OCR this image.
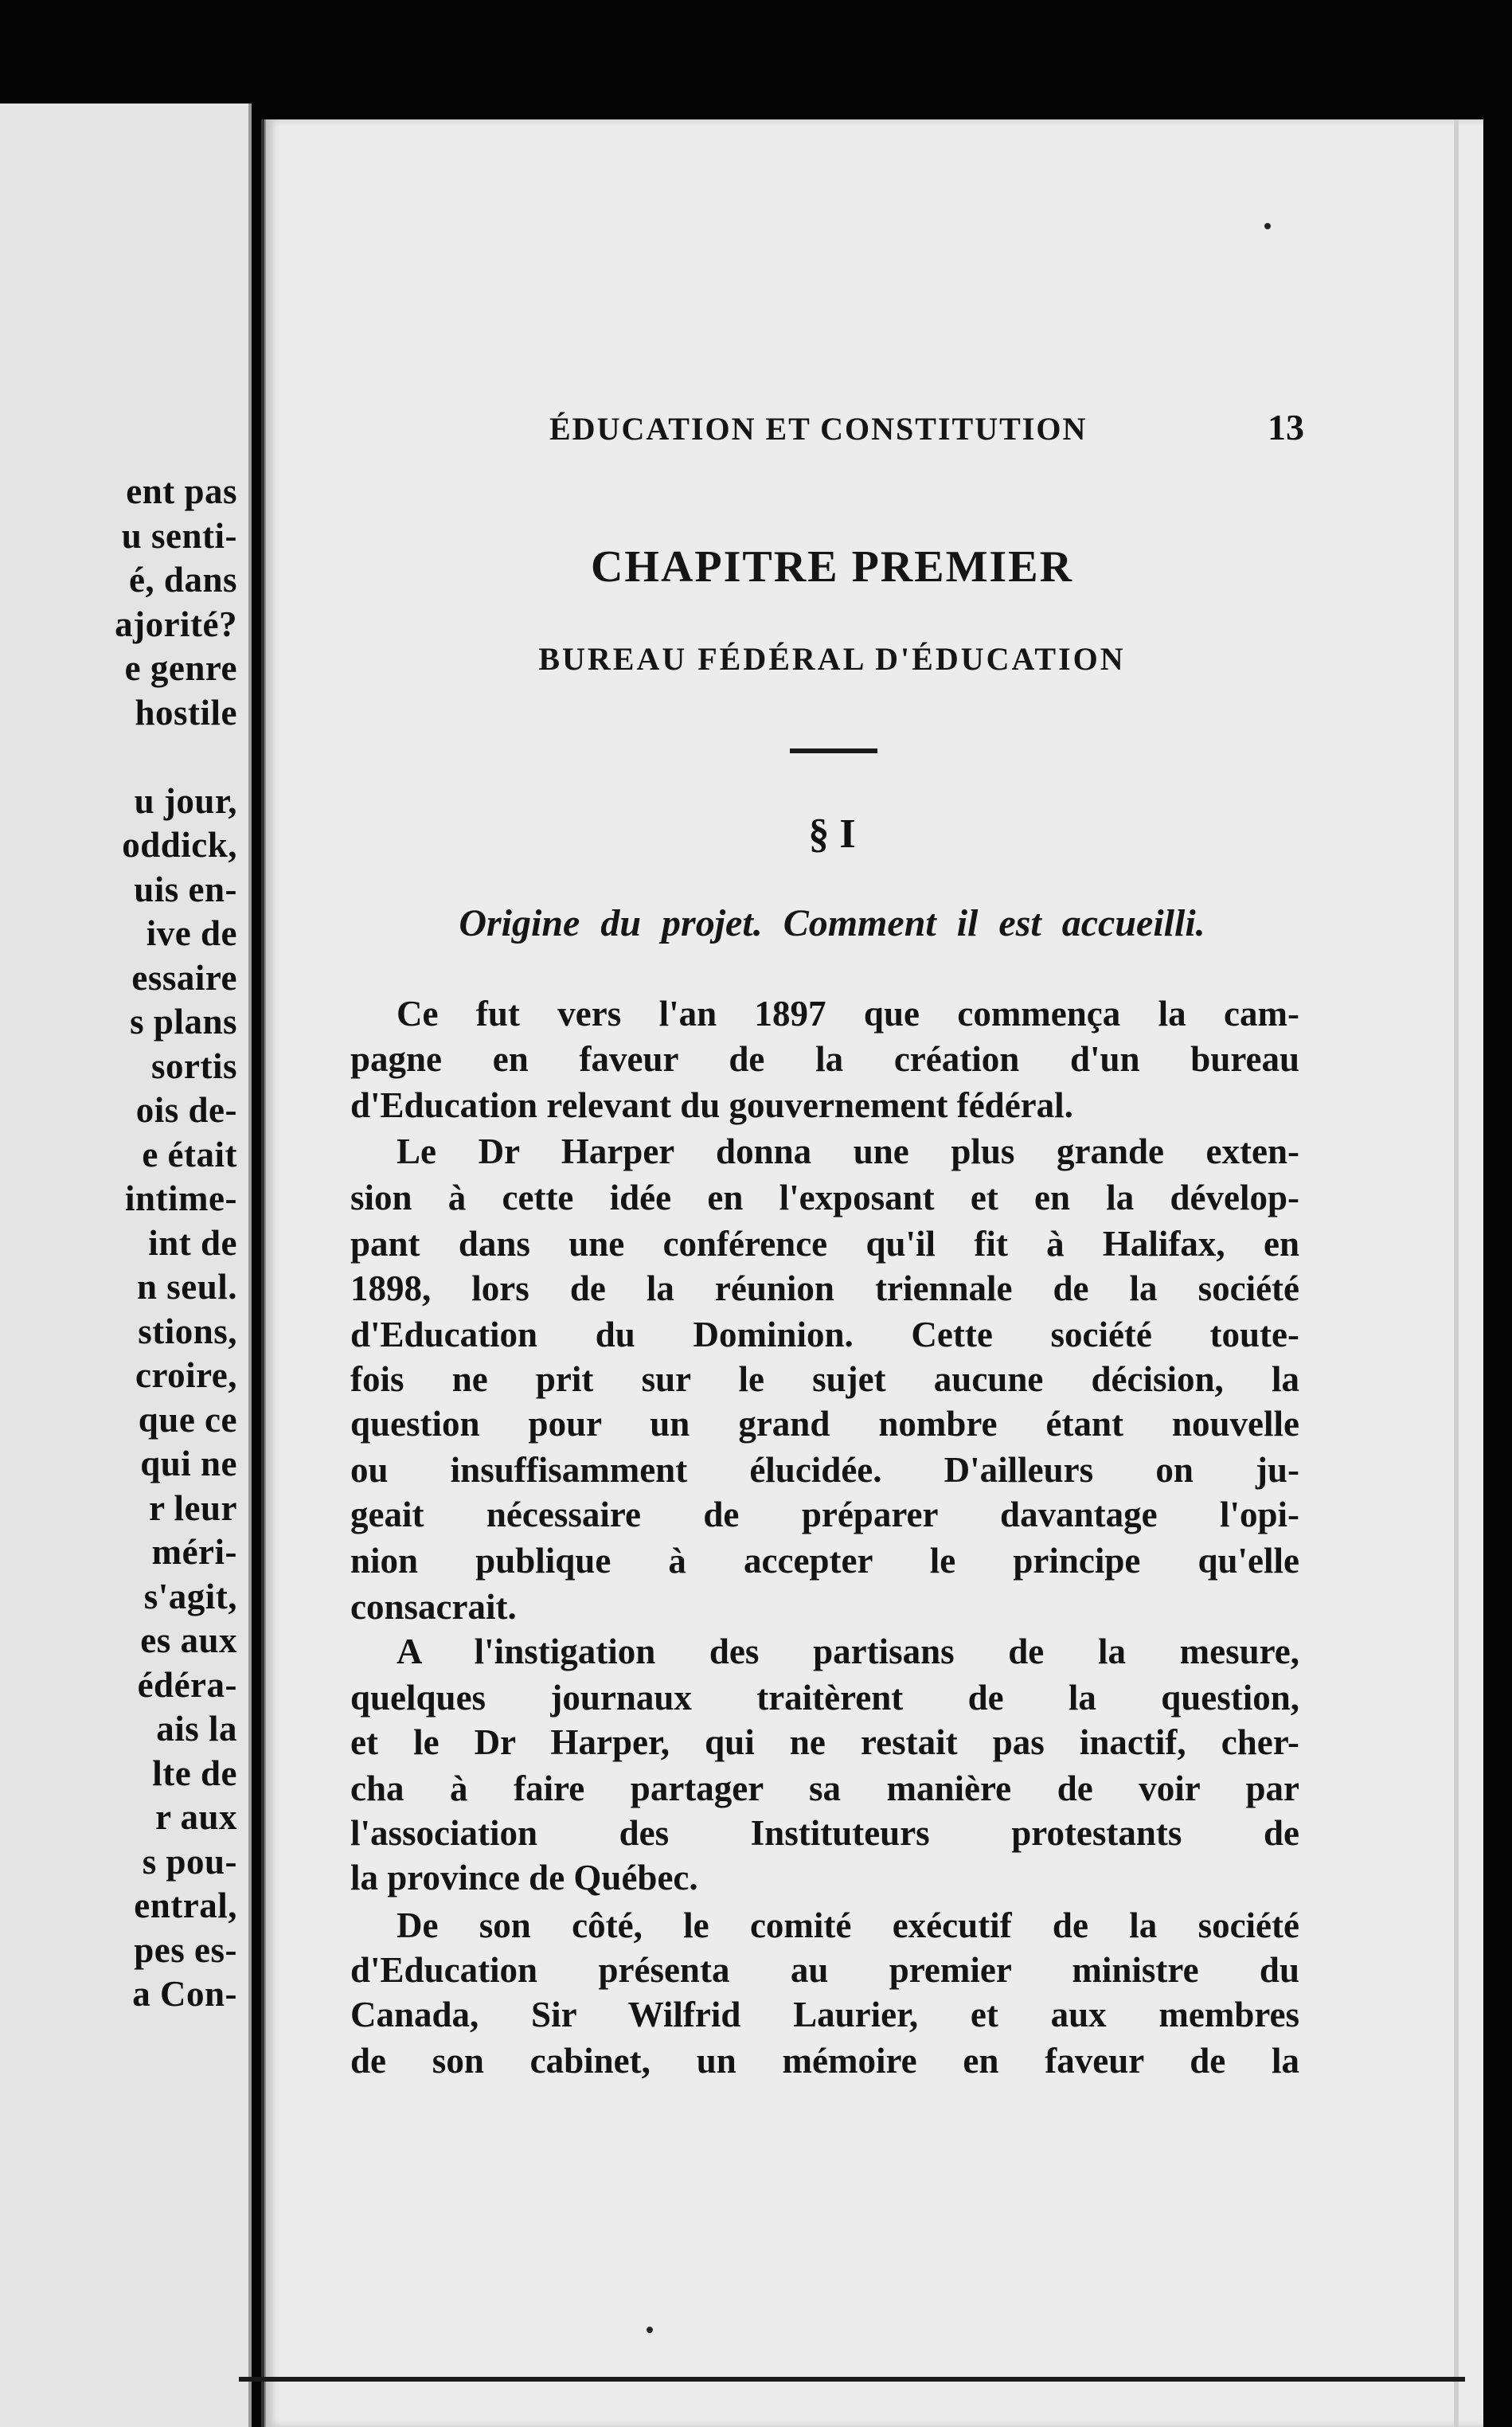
ent pas
u senti-
é, dans
ajorité?
e genre
hostile
u jour,
oddick,
uis en-
ive de
essaire
s plans
sortis
ois de-
e était
intime-
int de
n seul.
stions,
croire,
que ce
qui ne
r leur
méri-
s'agit,
es aux
édéra-
ais la
lte de
r aux
s pou-
entral,
pes es-
a Con-
ÉDUCATION ET CONSTITUTION	13
CHAPITRE PREMIER
BUREAU FÉDÉRAL D'ÉDUCATION
§ I
Origine du projet. Comment il est accueilli.
Ce fut vers l'an 1897 que commença la cam-
pagne en faveur de la création d'un bureau
d'Education relevant du gouvernement fédéral.
Le Dr Harper donna une plus grande exten-
sion à cette idée en l'exposant et en la dévelop-
pant dans une conférence qu'il fit à Halifax, en
1898, lors de la réunion triennale de la société
d'Education du Dominion. Cette société toute-
fois ne prit sur le sujet aucune décision, la
question pour un grand nombre étant nouvelle
ou insuffisamment élucidée. D'ailleurs on ju-
geait nécessaire de préparer davantage l'opi-
nion publique à accepter le principe qu'elle
consacrait.
A l'instigation des partisans de la mesure,
quelques journaux traitèrent de la question,
et le Dr Harper, qui ne restait pas inactif, cher-
cha à faire partager sa manière de voir par
l'association des Instituteurs protestants de
la province de Québec.
De son côté, le comité exécutif de la société
d'Education présenta au premier ministre du
Canada, Sir Wilfrid Laurier, et aux membres
de son cabinet, un mémoire en faveur de la
